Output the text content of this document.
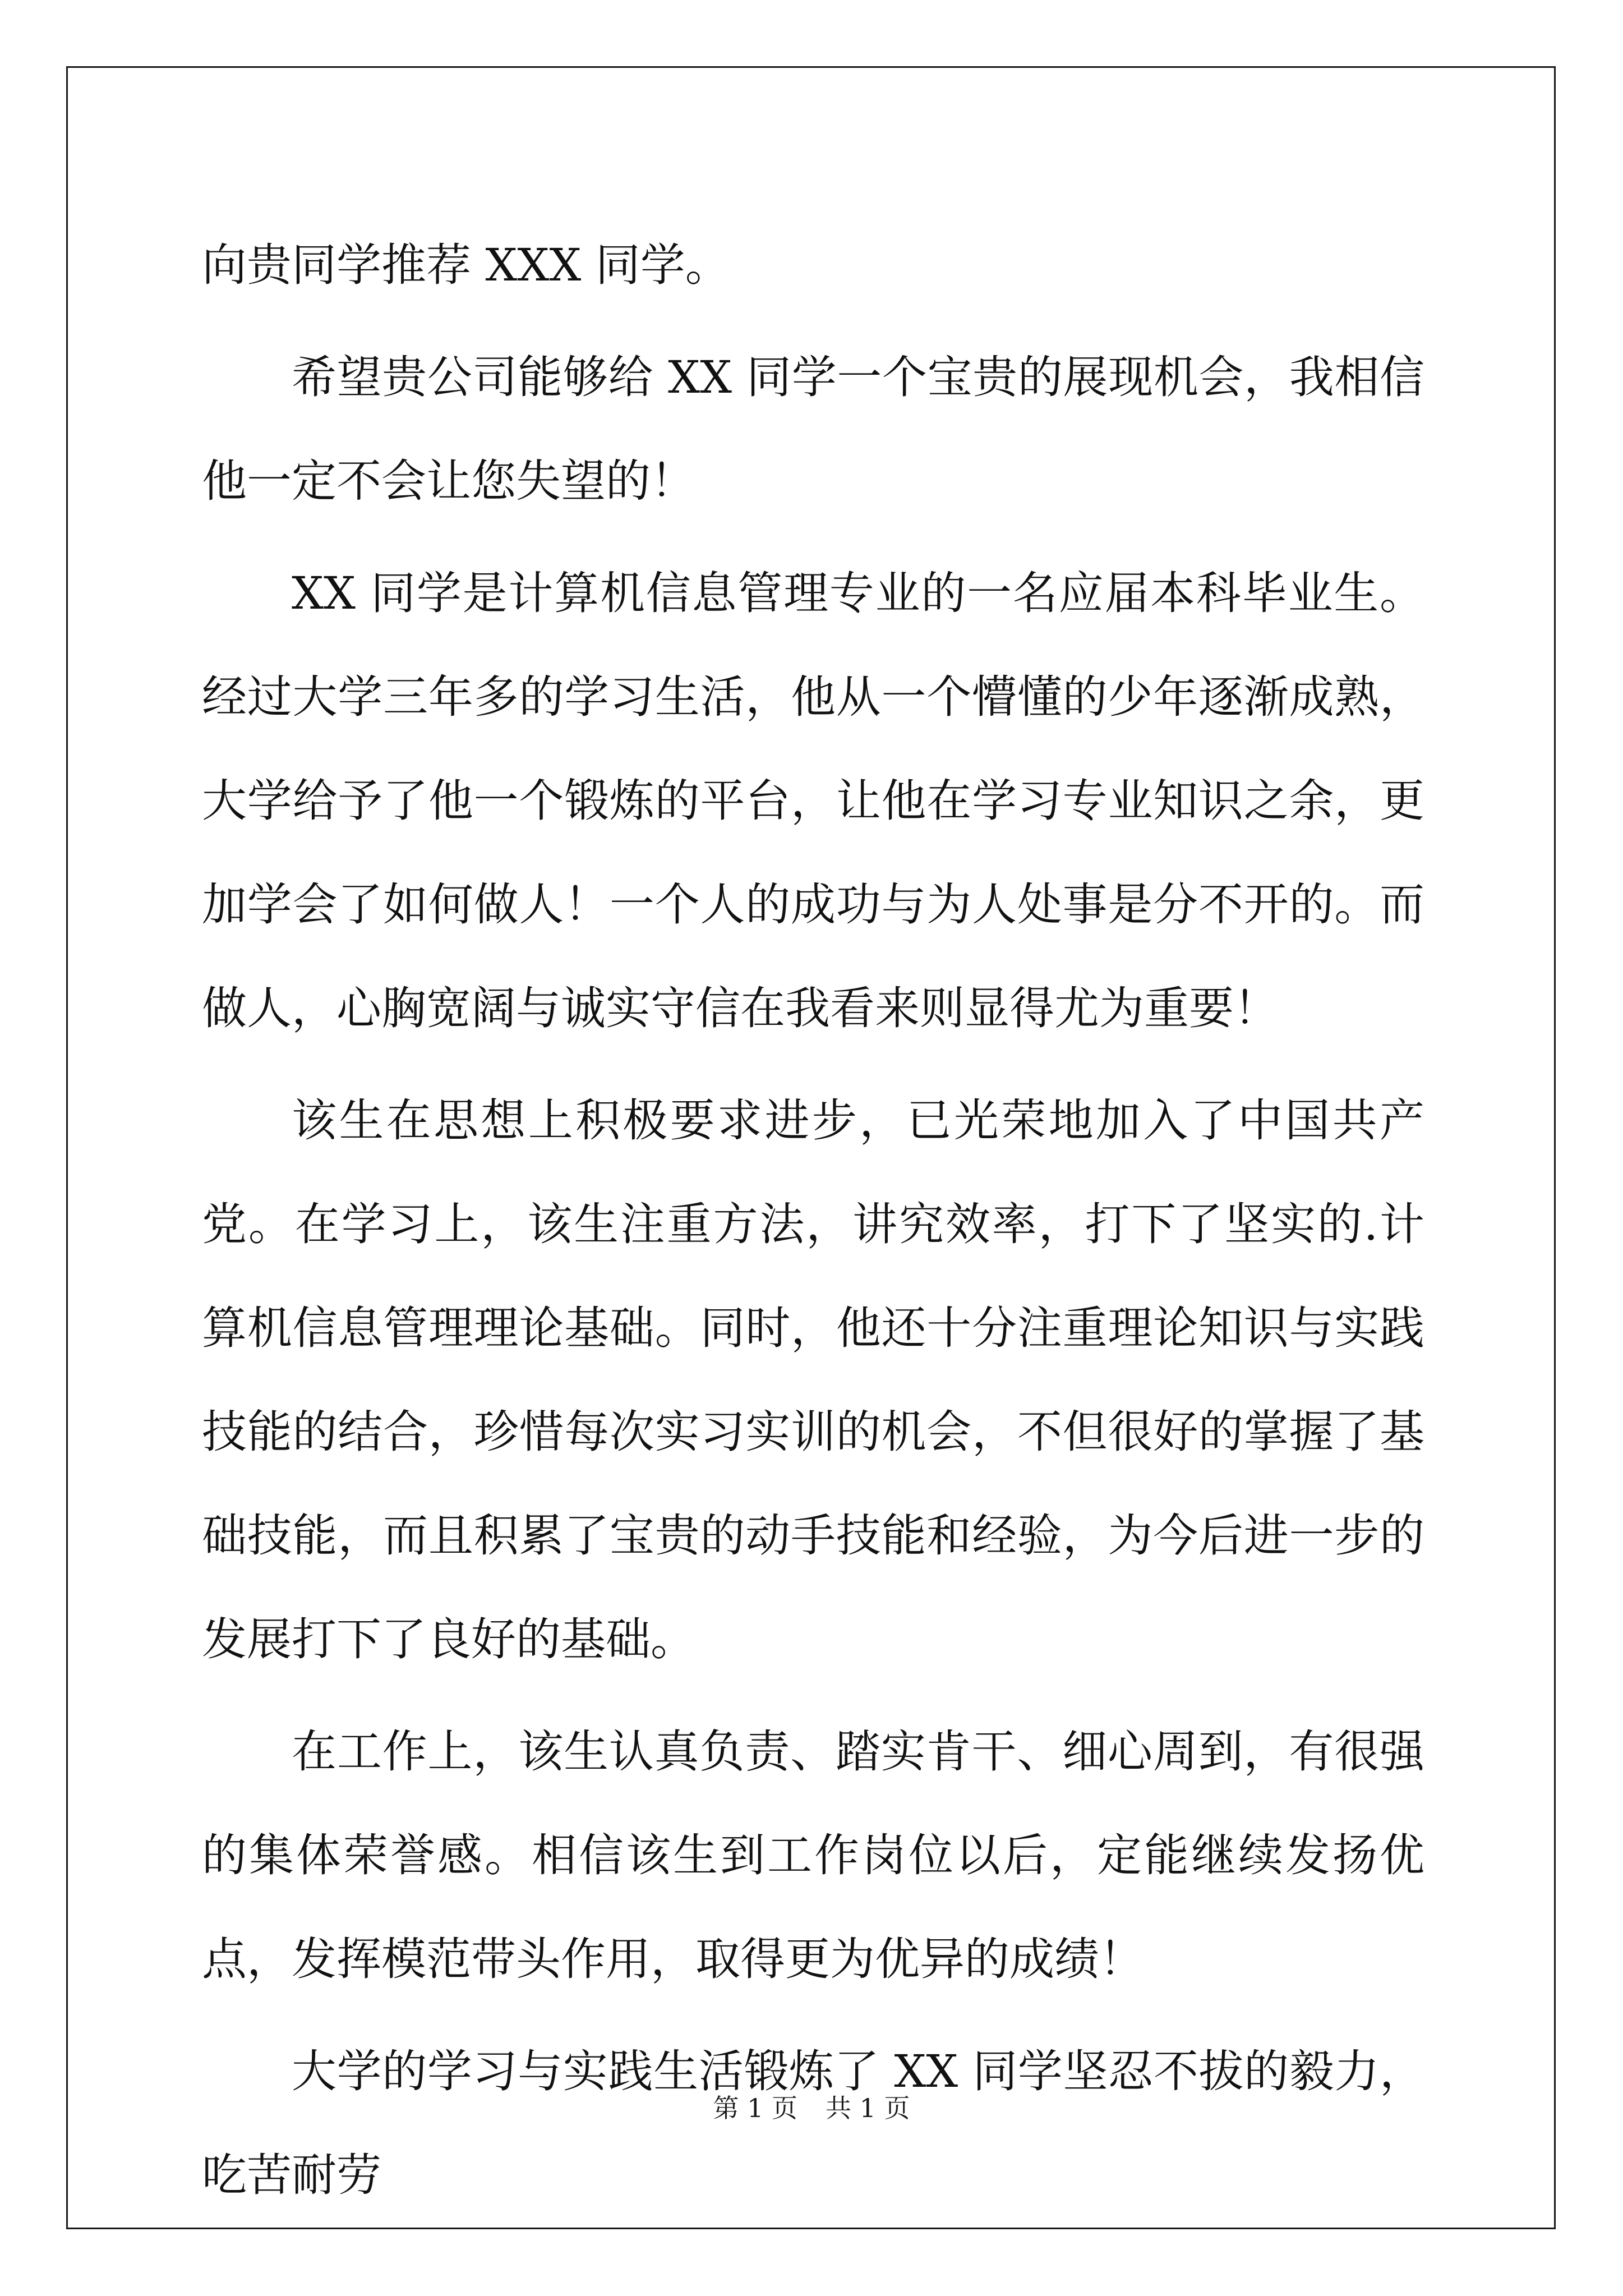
向贵同学推荐 XXX 同学。

希望贵公司能够给 XX 同学一个宝贵的展现机会，我相信他一定不会让您失望的！

XX 同学是计算机信息管理专业的一名应届本科毕业生。经过大学三年多的学习生活，他从一个懵懂的少年逐渐成熟，大学给予了他一个锻炼的平台，让他在学习专业知识之余，更加学会了如何做人！一个人的成功与为人处事是分不开的。而做人，心胸宽阔与诚实守信在我看来则显得尤为重要！

该生在思想上积极要求进步，已光荣地加入了中国共产党。在学习上，该生注重方法，讲究效率，打下了坚实的.计算机信息管理理论基础。同时，他还十分注重理论知识与实践技能的结合，珍惜每次实习实训的机会，不但很好的掌握了基础技能，而且积累了宝贵的动手技能和经验，为今后进一步的发展打下了良好的基础。

在工作上，该生认真负责、踏实肯干、细心周到，有很强的集体荣誉感。相信该生到工作岗位以后，定能继续发扬优点，发挥模范带头作用，取得更为优异的成绩！

大学的学习与实践生活锻炼了 XX 同学坚忍不拔的毅力，吃苦耐劳

第 1 页 共 1 页
